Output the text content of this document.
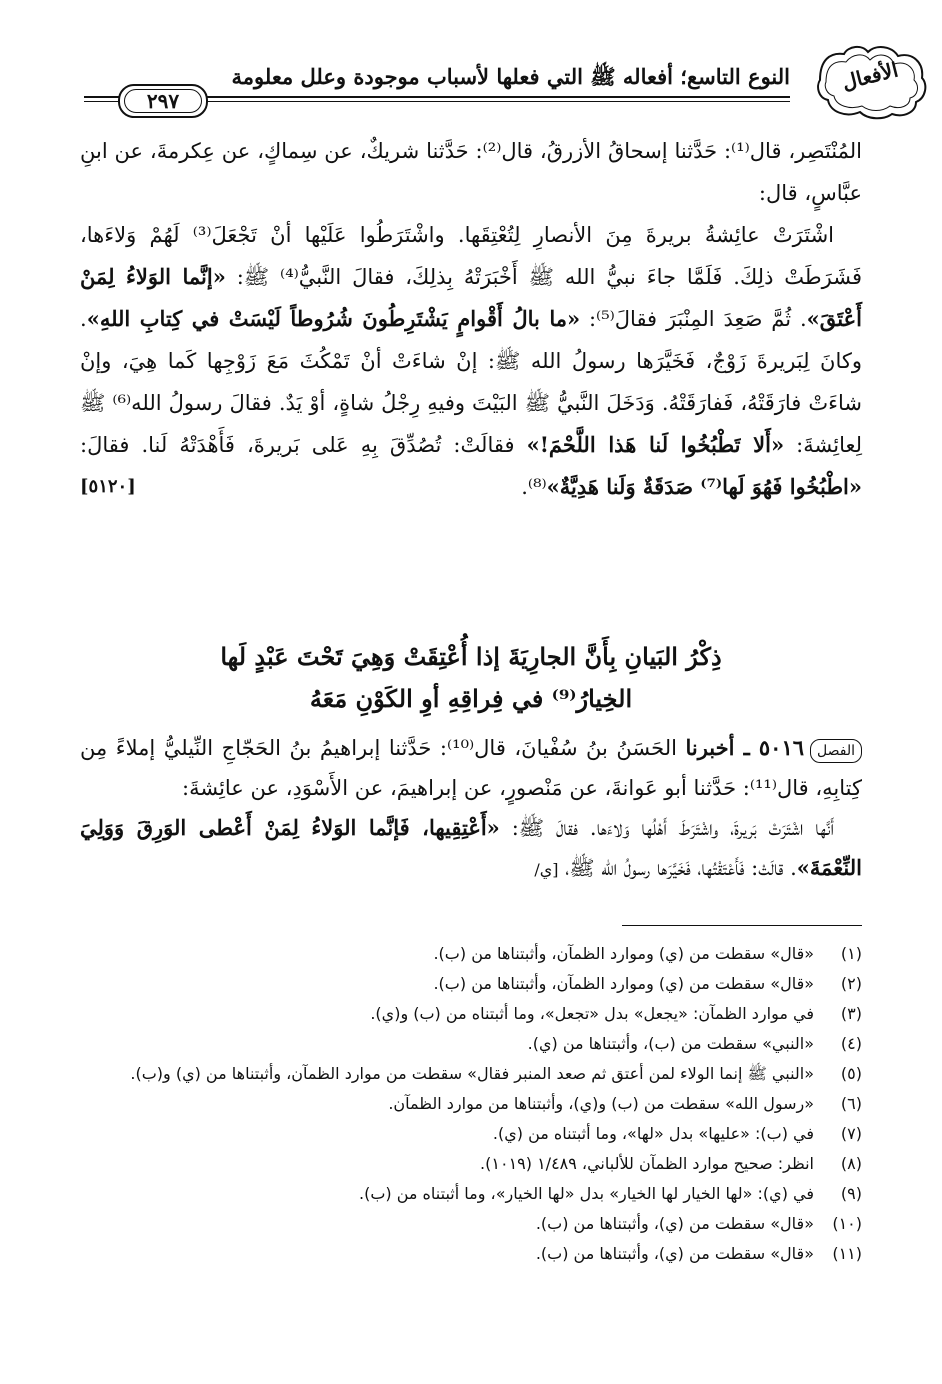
الأفعال
النوع التاسع؛ أفعاله ﷺ التي فعلها لأسباب موجودة وعلل معلومة
٢٩٧

المُنْتَصِر، قال⁽¹⁾: حَدَّثنا إسحاقُ الأزرقُ، قال⁽²⁾: حَدَّثنا شريكٌ، عن سِماكٍ، عن عِكرمةَ، عن ابنِ عبَّاسٍ، قال:

اشْتَرَتْ عائِشةُ بريرةَ مِنَ الأنصارِ لِتُعْتِقَها. واشْتَرَطُوا عَلَيْها أنْ تَجْعَلَ⁽³⁾ لَهُمْ وَلاءَها، فَشَرَطَتْ ذلِكَ. فَلَمَّا جاءَ نبيُّ الله ﷺ أَخْبَرَتْهُ بِذلِكَ، فقالَ النَّبيُّ⁽⁴⁾ ﷺ: «إنَّما الوَلاءُ لِمَنْ أَعْتَقَ». ثُمَّ صَعِدَ المِنْبَرَ فقالَ⁽⁵⁾: «ما بالُ أَقْوامٍ يَشْتَرِطُونَ شُرُوطاً لَيْسَتْ في كِتابِ اللهِ». وكانَ لِبَريرةَ زَوْجٌ، فَخَيَّرَها رسولُ الله ﷺ: إنْ شاءَتْ أنْ تَمْكُثَ مَعَ زَوْجِها كَما هِيَ، وإنْ شاءَتْ فارَقَتْهُ، فَفارَقَتْهُ. وَدَخَلَ النَّبيُّ ﷺ البَيْتَ وفيهِ رِجْلُ شاةٍ، أوْ يَدٌ. فقالَ رسولُ الله⁽⁶⁾ ﷺ لِعائِشةَ: «أَلا تَطْبُخُوا لَنا هَذا اللَّحْمَ!» فقالَتْ: تُصُدِّقَ بِهِ عَلى بَريرةَ، فَأَهْدَتْهُ لَنا. فقالَ: «اطْبُخُوا فَهُوَ لَها⁽⁷⁾ صَدَقَةٌ وَلَنا هَدِيَّةٌ»⁽⁸⁾.
[٥١٢٠]

ذِكْرُ البَيانِ بِأَنَّ الجارِيَةَ إذا أُعْتِقَتْ وَهِيَ تَحْتَ عَبْدٍ لَها
الخِيارُ⁽⁹⁾ في فِراقِهِ أوِ الكَوْنِ مَعَهُ

الفصل٥٠١٦ ـ أخبرنا الحَسَنُ بنُ سُفْيانَ، قال⁽¹⁰⁾: حَدَّثنا إبراهيمُ بنُ الحَجّاجِ النِّيليُّ إملاءً مِن كِتابِهِ، قال⁽¹¹⁾: حَدَّثنا أبو عَوانةَ، عن مَنْصورٍ، عن إبراهيمَ، عن الأَسْوَدِ، عن عائِشةَ:

أَنَّها اشْتَرَتْ بَريرةَ، واشْتَرَطَ أَهْلُها وَلاءَها. فقالَ ﷺ: «أَعْتِقِيها، فَإنَّما الوَلاءُ لِمَنْ أَعْطى الوَرِقَ وَوَلِيَ النِّعْمَةَ». قالَتْ: فَأَعْتَقْتُها، فَخَيَّرَها رسولُ الله ﷺ، [ي/

(١)
«قال» سقطت من (ي) وموارد الظمآن، وأثبتناها من (ب).
(٢)
«قال» سقطت من (ي) وموارد الظمآن، وأثبتناها من (ب).
(٣)
في موارد الظمآن: «يجعل» بدل «تجعل»، وما أثبتناه من (ب) و(ي).
(٤)
«النبي» سقطت من (ب)، وأثبتناها من (ي).
(٥)
«النبي ﷺ إنما الولاء لمن أعتق ثم صعد المنبر فقال» سقطت من موارد الظمآن، وأثبتناها من (ي) و(ب).
(٦)
«رسول الله» سقطت من (ب) و(ي)، وأثبتناها من موارد الظمآن.
(٧)
في (ب): «عليها» بدل «لها»، وما أثبتناه من (ي).
(٨)
انظر: صحيح موارد الظمآن للألباني، ١/٤٨٩ (١٠١٩).
(٩)
في (ي): «لها الخيار لها الخيار» بدل «لها الخيار»، وما أثبتناه من (ب).
(١٠)
«قال» سقطت من (ي)، وأثبتناها من (ب).
(١١)
«قال» سقطت من (ي)، وأثبتناها من (ب).
